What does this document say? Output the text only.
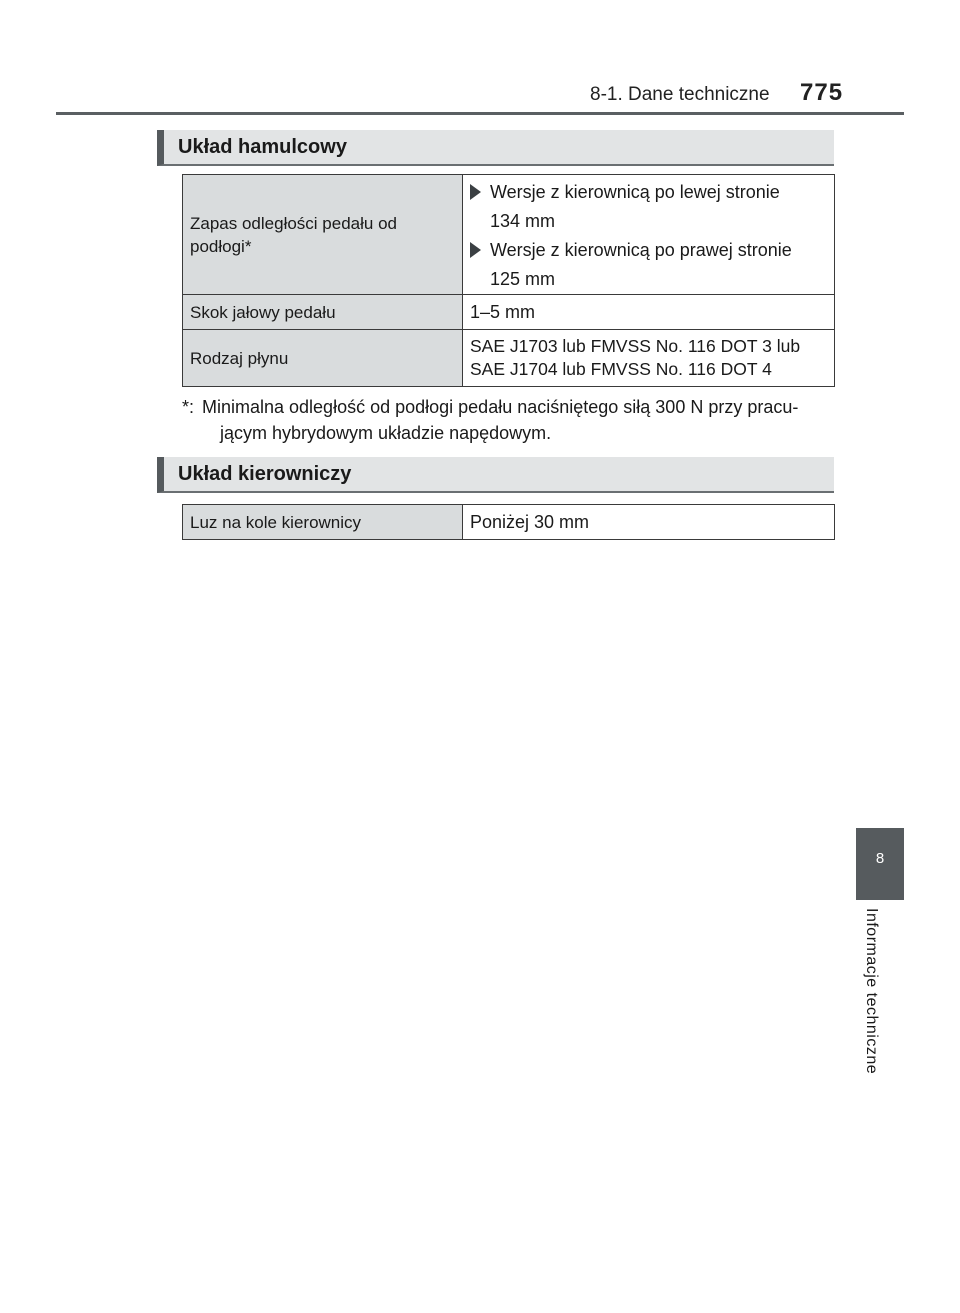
8-1. Dane techniczne 775
Układ hamulcowy
Zapas odległości pedału od podłogi*	Wersje z kierownicą po lewej stronie
134 mm
Wersje z kierownicą po prawej stronie
125 mm

Skok jałowy pedału	1–5 mm
Rodzaj płynu	SAE J1703 lub FMVSS No. 116 DOT 3 lub
SAE J1704 lub FMVSS No. 116 DOT 4
*: Minimalna odległość od podłogi pedału naciśniętego siłą 300 N przy pracu-
jącym hybrydowym układzie napędowym.
Układ kierowniczy
Luz na kole kierownicy	Poniżej 30 mm
8
Informacje techniczne
